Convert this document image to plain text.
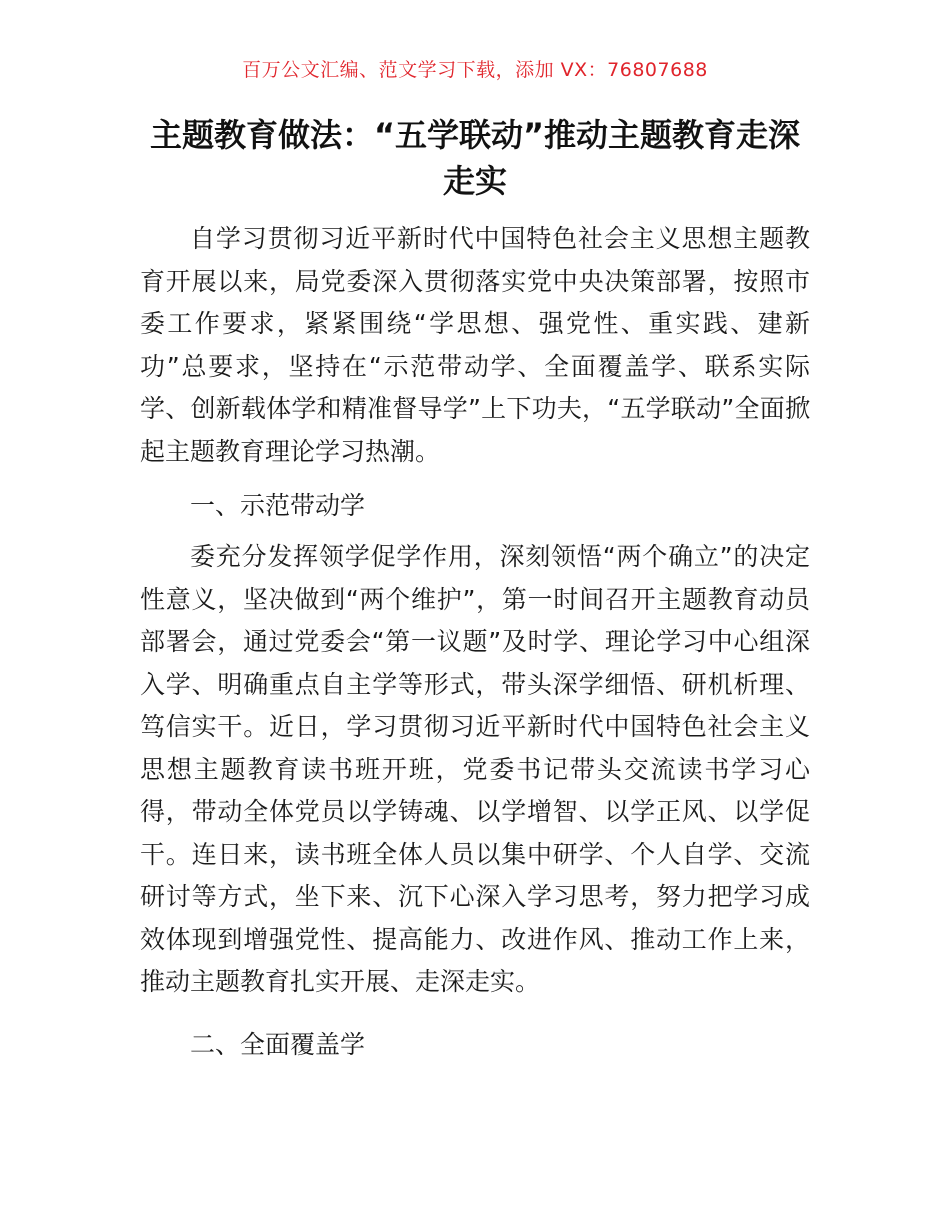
百万公文汇编、范文学习下载，添加 VX：76807688
主题教育做法：“五学联动”推动主题教育走深走实

自学习贯彻习近平新时代中国特色社会主义思想主题教育开展以来，局党委深入贯彻落实党中央决策部署，按照市委工作要求，紧紧围绕“学思想、强党性、重实践、建新功”总要求，坚持在“示范带动学、全面覆盖学、联系实际学、创新载体学和精准督导学”上下功夫，“五学联动”全面掀起主题教育理论学习热潮。

一、示范带动学

委充分发挥领学促学作用，深刻领悟“两个确立”的决定性意义，坚决做到“两个维护”，第一时间召开主题教育动员部署会，通过党委会“第一议题”及时学、理论学习中心组深入学、明确重点自主学等形式，带头深学细悟、研机析理、笃信实干。近日，学习贯彻习近平新时代中国特色社会主义思想主题教育读书班开班，党委书记带头交流读书学习心得，带动全体党员以学铸魂、以学增智、以学正风、以学促干。连日来，读书班全体人员以集中研学、个人自学、交流研讨等方式，坐下来、沉下心深入学习思考，努力把学习成效体现到增强党性、提高能力、改进作风、推动工作上来，推动主题教育扎实开展、走深走实。

二、全面覆盖学
